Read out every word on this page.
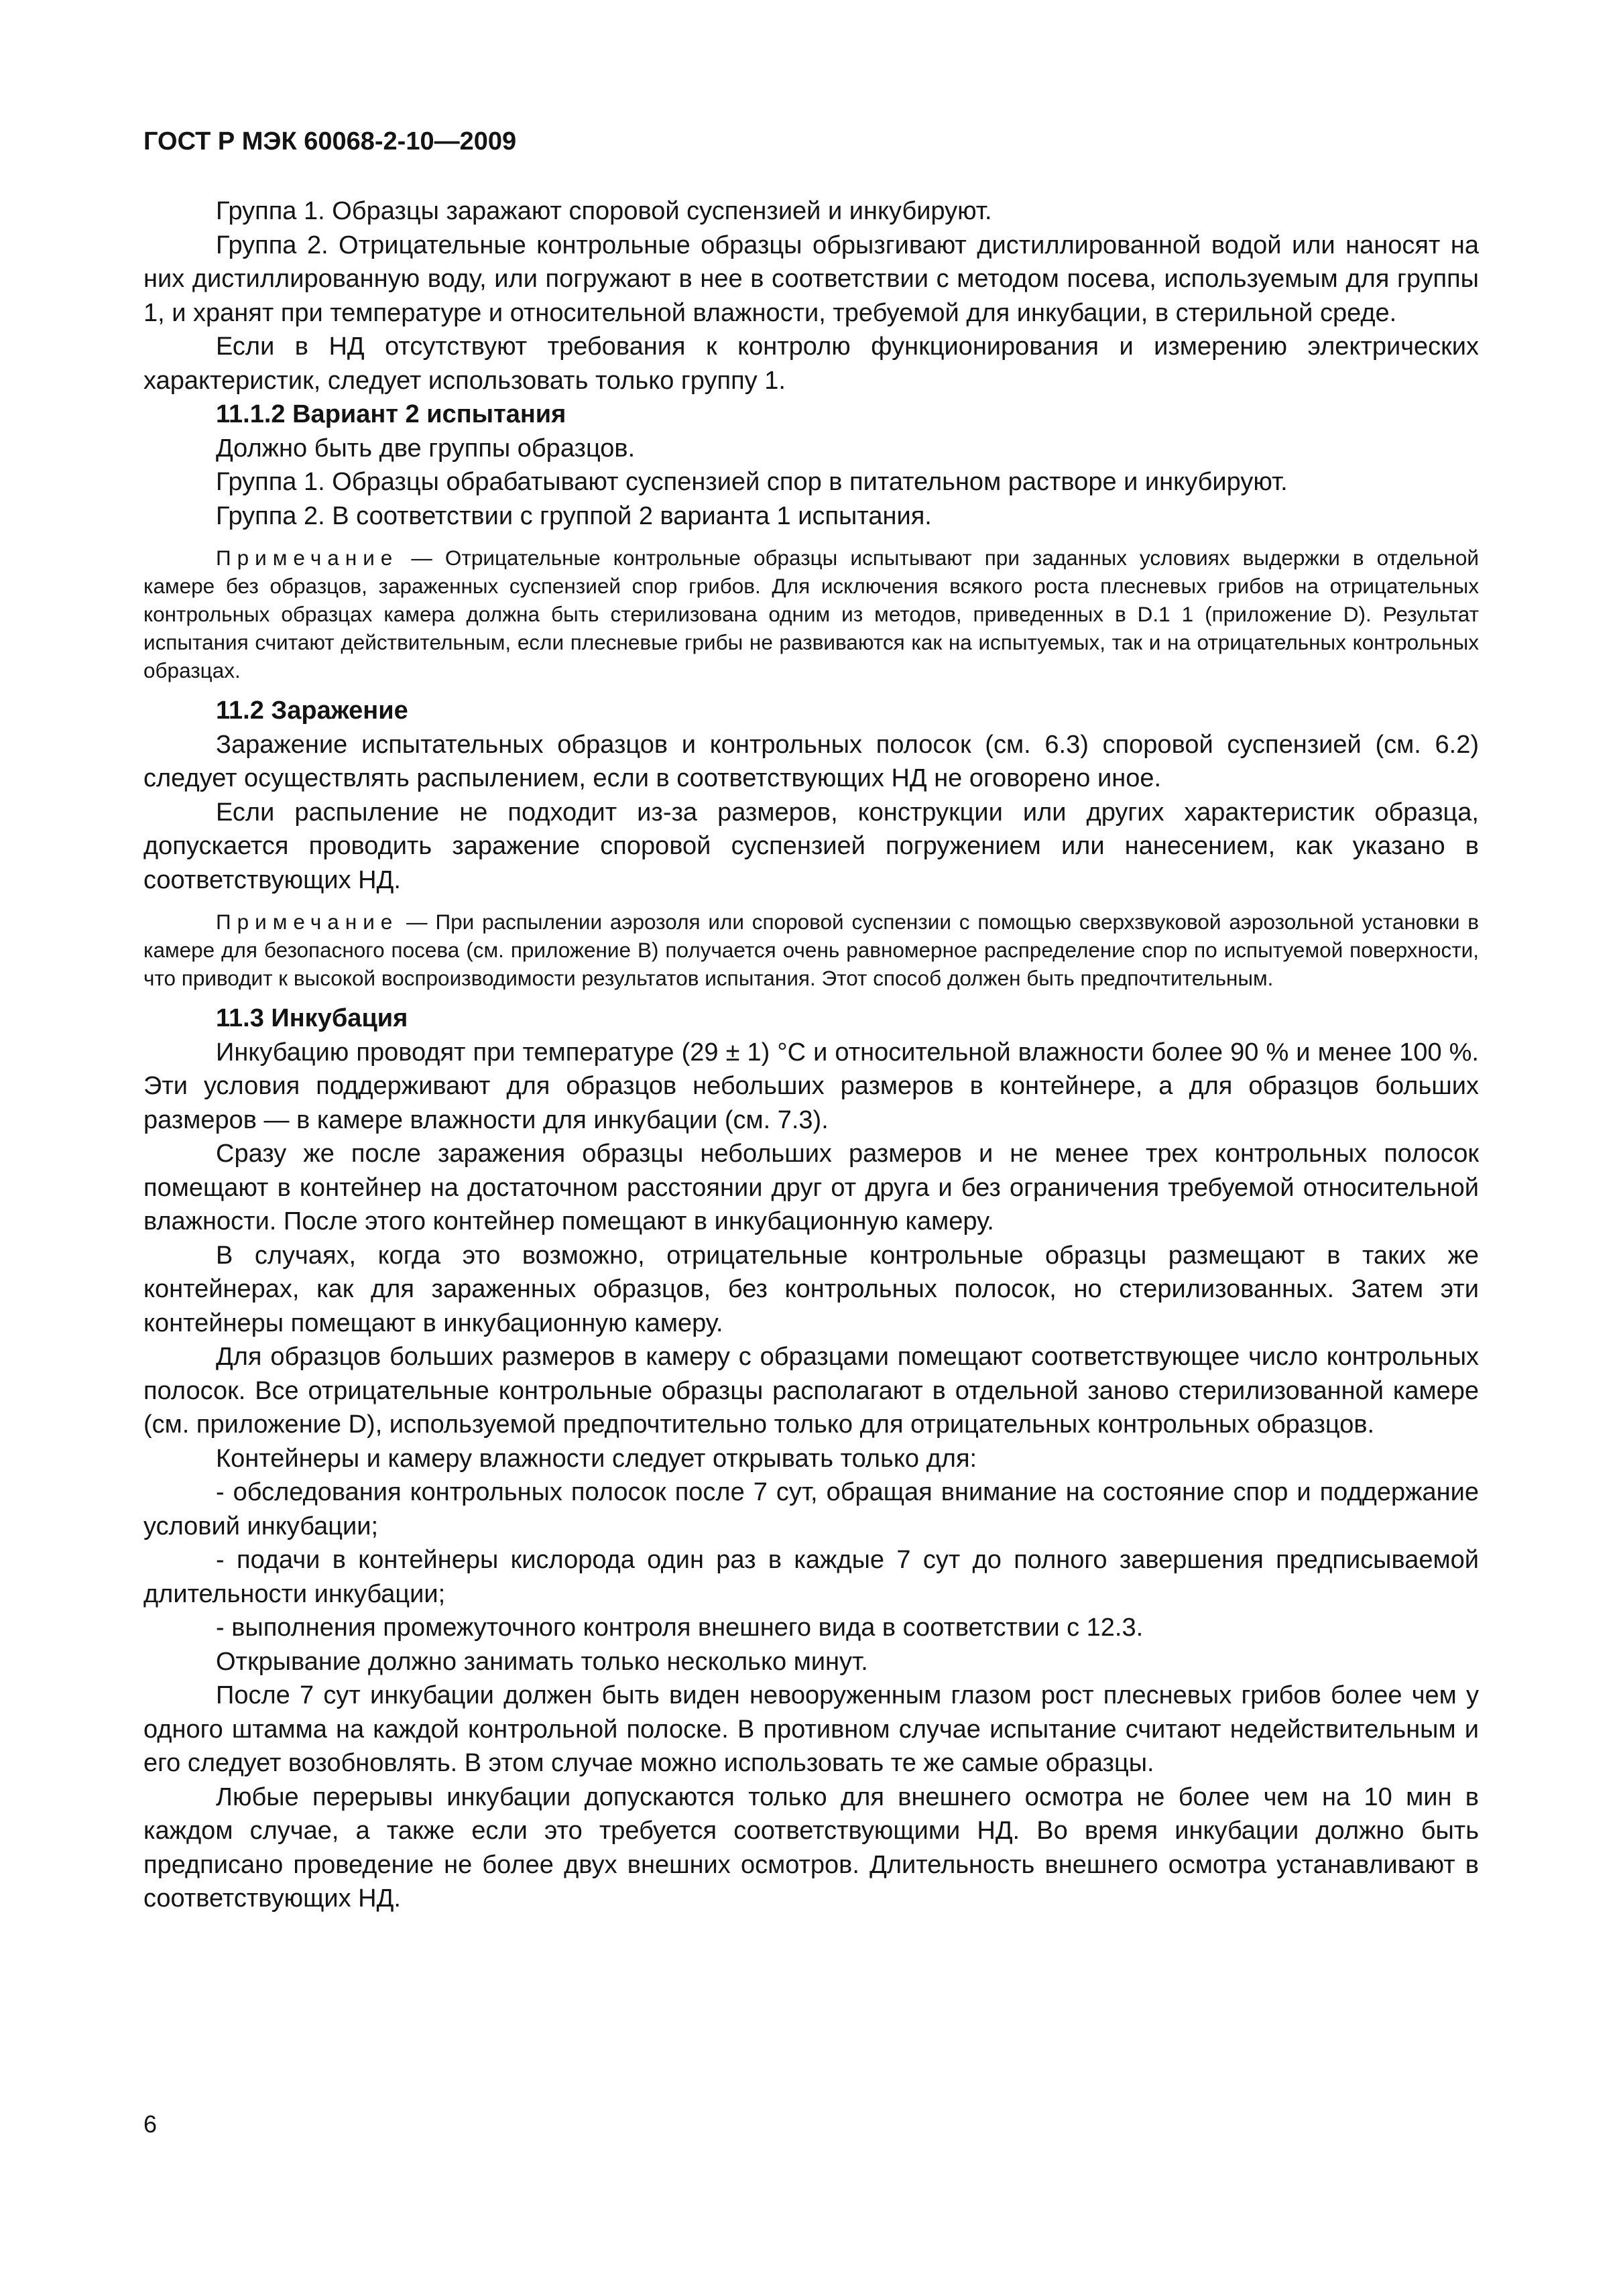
ГОСТ Р МЭК 60068-2-10—2009

Группа 1. Образцы заражают споровой суспензией и инкубируют.

Группа 2. Отрицательные контрольные образцы обрызгивают дистиллированной водой или наносят на них дистиллированную воду, или погружают в нее в соответствии с методом посева, используемым для группы 1, и хранят при температуре и относительной влажности, требуемой для инкубации, в стерильной среде.

Если в НД отсутствуют требования к контролю функционирования и измерению электрических характеристик, следует использовать только группу 1.

11.1.2 Вариант 2 испытания

Должно быть две группы образцов.

Группа 1. Образцы обрабатывают суспензией спор в питательном растворе и инкубируют.

Группа 2. В соответствии с группой 2 варианта 1 испытания.

Примечание — Отрицательные контрольные образцы испытывают при заданных условиях выдержки в отдельной камере без образцов, зараженных суспензией спор грибов. Для исключения всякого роста плесневых грибов на отрицательных контрольных образцах камера должна быть стерилизована одним из методов, приведенных в D.1 1 (приложение D). Результат испытания считают действительным, если плесневые грибы не развиваются как на испытуемых, так и на отрицательных контрольных образцах.

11.2 Заражение

Заражение испытательных образцов и контрольных полосок (см. 6.3) споровой суспензией (см. 6.2) следует осуществлять распылением, если в соответствующих НД не оговорено иное.

Если распыление не подходит из-за размеров, конструкции или других характеристик образца, допускается проводить заражение споровой суспензией погружением или нанесением, как указано в соответствующих НД.

Примечание — При распылении аэрозоля или споровой суспензии с помощью сверхзвуковой аэрозольной установки в камере для безопасного посева (см. приложение В) получается очень равномерное распределение спор по испытуемой поверхности, что приводит к высокой воспроизводимости результатов испытания. Этот способ должен быть предпочтительным.

11.3 Инкубация

Инкубацию проводят при температуре (29 ± 1) °С и относительной влажности более 90 % и менее 100 %. Эти условия поддерживают для образцов небольших размеров в контейнере, а для образцов больших размеров — в камере влажности для инкубации (см. 7.3).

Сразу же после заражения образцы небольших размеров и не менее трех контрольных полосок помещают в контейнер на достаточном расстоянии друг от друга и без ограничения требуемой относительной влажности. После этого контейнер помещают в инкубационную камеру.

В случаях, когда это возможно, отрицательные контрольные образцы размещают в таких же контейнерах, как для зараженных образцов, без контрольных полосок, но стерилизованных. Затем эти контейнеры помещают в инкубационную камеру.

Для образцов больших размеров в камеру с образцами помещают соответствующее число контрольных полосок. Все отрицательные контрольные образцы располагают в отдельной заново стерилизованной камере (см. приложение D), используемой предпочтительно только для отрицательных контрольных образцов.

Контейнеры и камеру влажности следует открывать только для:

- обследования контрольных полосок после 7 сут, обращая внимание на состояние спор и поддержание условий инкубации;

- подачи в контейнеры кислорода один раз в каждые 7 сут до полного завершения предписываемой длительности инкубации;

- выполнения промежуточного контроля внешнего вида в соответствии с 12.3.

Открывание должно занимать только несколько минут.

После 7 сут инкубации должен быть виден невооруженным глазом рост плесневых грибов более чем у одного штамма на каждой контрольной полоске. В противном случае испытание считают недействительным и его следует возобновлять. В этом случае можно использовать те же самые образцы.

Любые перерывы инкубации допускаются только для внешнего осмотра не более чем на 10 мин в каждом случае, а также если это требуется соответствующими НД. Во время инкубации должно быть предписано проведение не более двух внешних осмотров. Длительность внешнего осмотра устанавливают в соответствующих НД.

6
